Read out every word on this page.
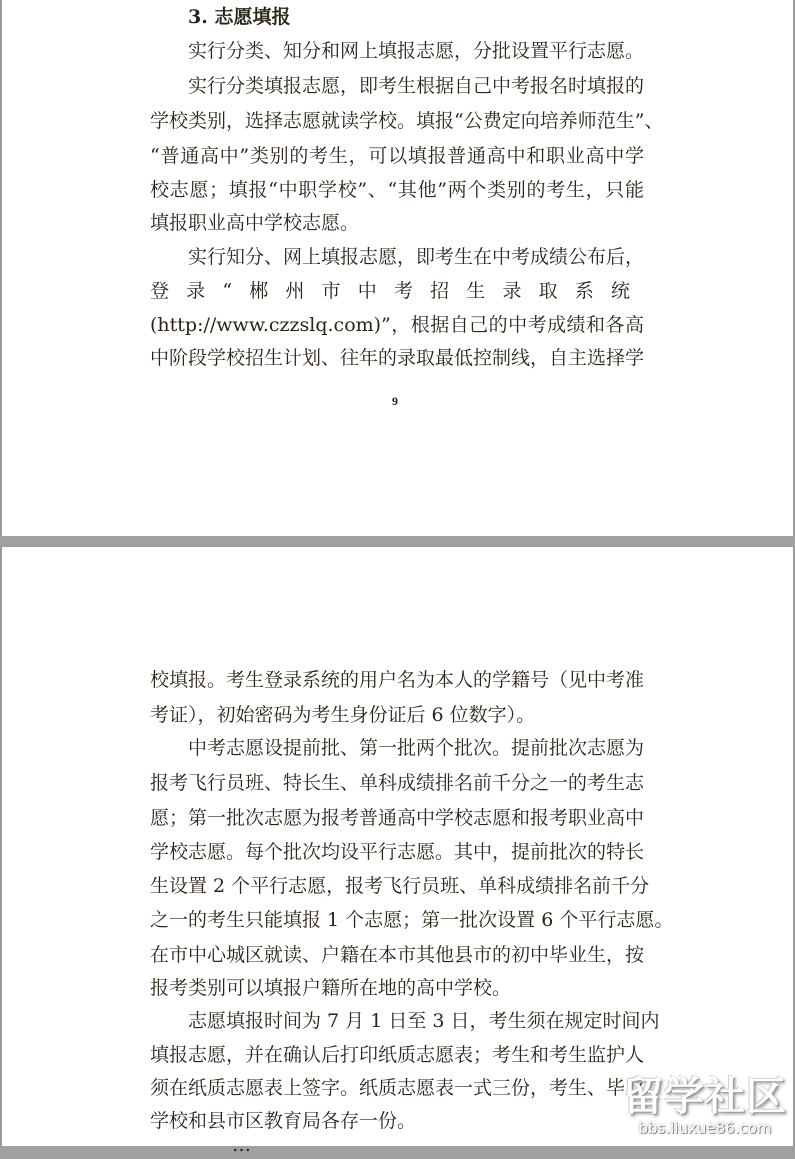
3. 志愿填报
实行分类、知分和网上填报志愿，分批设置平行志愿。
实行分类填报志愿，即考生根据自己中考报名时填报的
学校类别，选择志愿就读学校。填报“公费定向培养师范生”、
“普通高中”类别的考生，可以填报普通高中和职业高中学
校志愿；填报“中职学校”、“其他”两个类别的考生，只能
填报职业高中学校志愿。
实行知分、网上填报志愿，即考生在中考成绩公布后，
登录“郴州市中考招生录取系统
(http://www.czzslq.com)”，根据自己的中考成绩和各高
中阶段学校招生计划、往年的录取最低控制线，自主选择学
9
校填报。考生登录系统的用户名为本人的学籍号（见中考准
考证），初始密码为考生身份证后 6 位数字）。
中考志愿设提前批、第一批两个批次。提前批次志愿为
报考飞行员班、特长生、单科成绩排名前千分之一的考生志
愿；第一批次志愿为报考普通高中学校志愿和报考职业高中
学校志愿。每个批次均设平行志愿。其中，提前批次的特长
生设置 2 个平行志愿，报考飞行员班、单科成绩排名前千分
之一的考生只能填报 1 个志愿；第一批次设置 6 个平行志愿。
在市中心城区就读、户籍在本市其他县市的初中毕业生，按
报考类别可以填报户籍所在地的高中学校。
志愿填报时间为 7 月 1 日至 3 日，考生须在规定时间内
填报志愿，并在确认后打印纸质志愿表；考生和考生监护人
须在纸质志愿表上签字。纸质志愿表一式三份，考生、毕业
学校和县市区教育局各存一份。
…
留学社区
bbs.liuxue86.com
